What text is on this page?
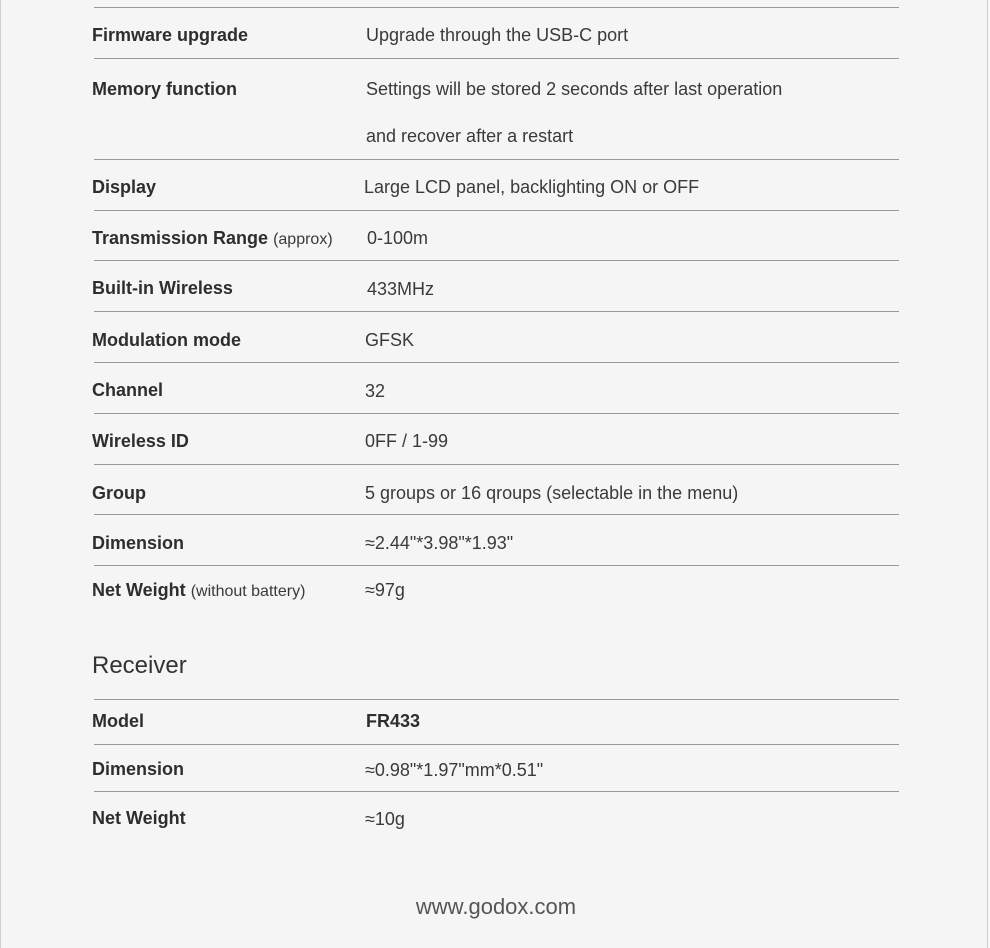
Firmware upgrade	Upgrade through the USB-C port
Memory function	Settings will be stored 2 seconds after last operation
and recover after a restart
Display	Large LCD panel, backlighting ON or OFF
Transmission Range (approx) 0-100m
Built-in Wireless	433MHz
Modulation mode	GFSK
Channel	32
Wireless ID	0FF / 1-99
Group	5 groups or 16 qroups (selectable in the menu)
Dimension	≈2.44"*3.98"*1.93"
Net Weight (without battery)	≈97g
Receiver
Model	FR433
Dimension	≈0.98"*1.97"mm*0.51"
Net Weight	≈10g
www.godox.com
